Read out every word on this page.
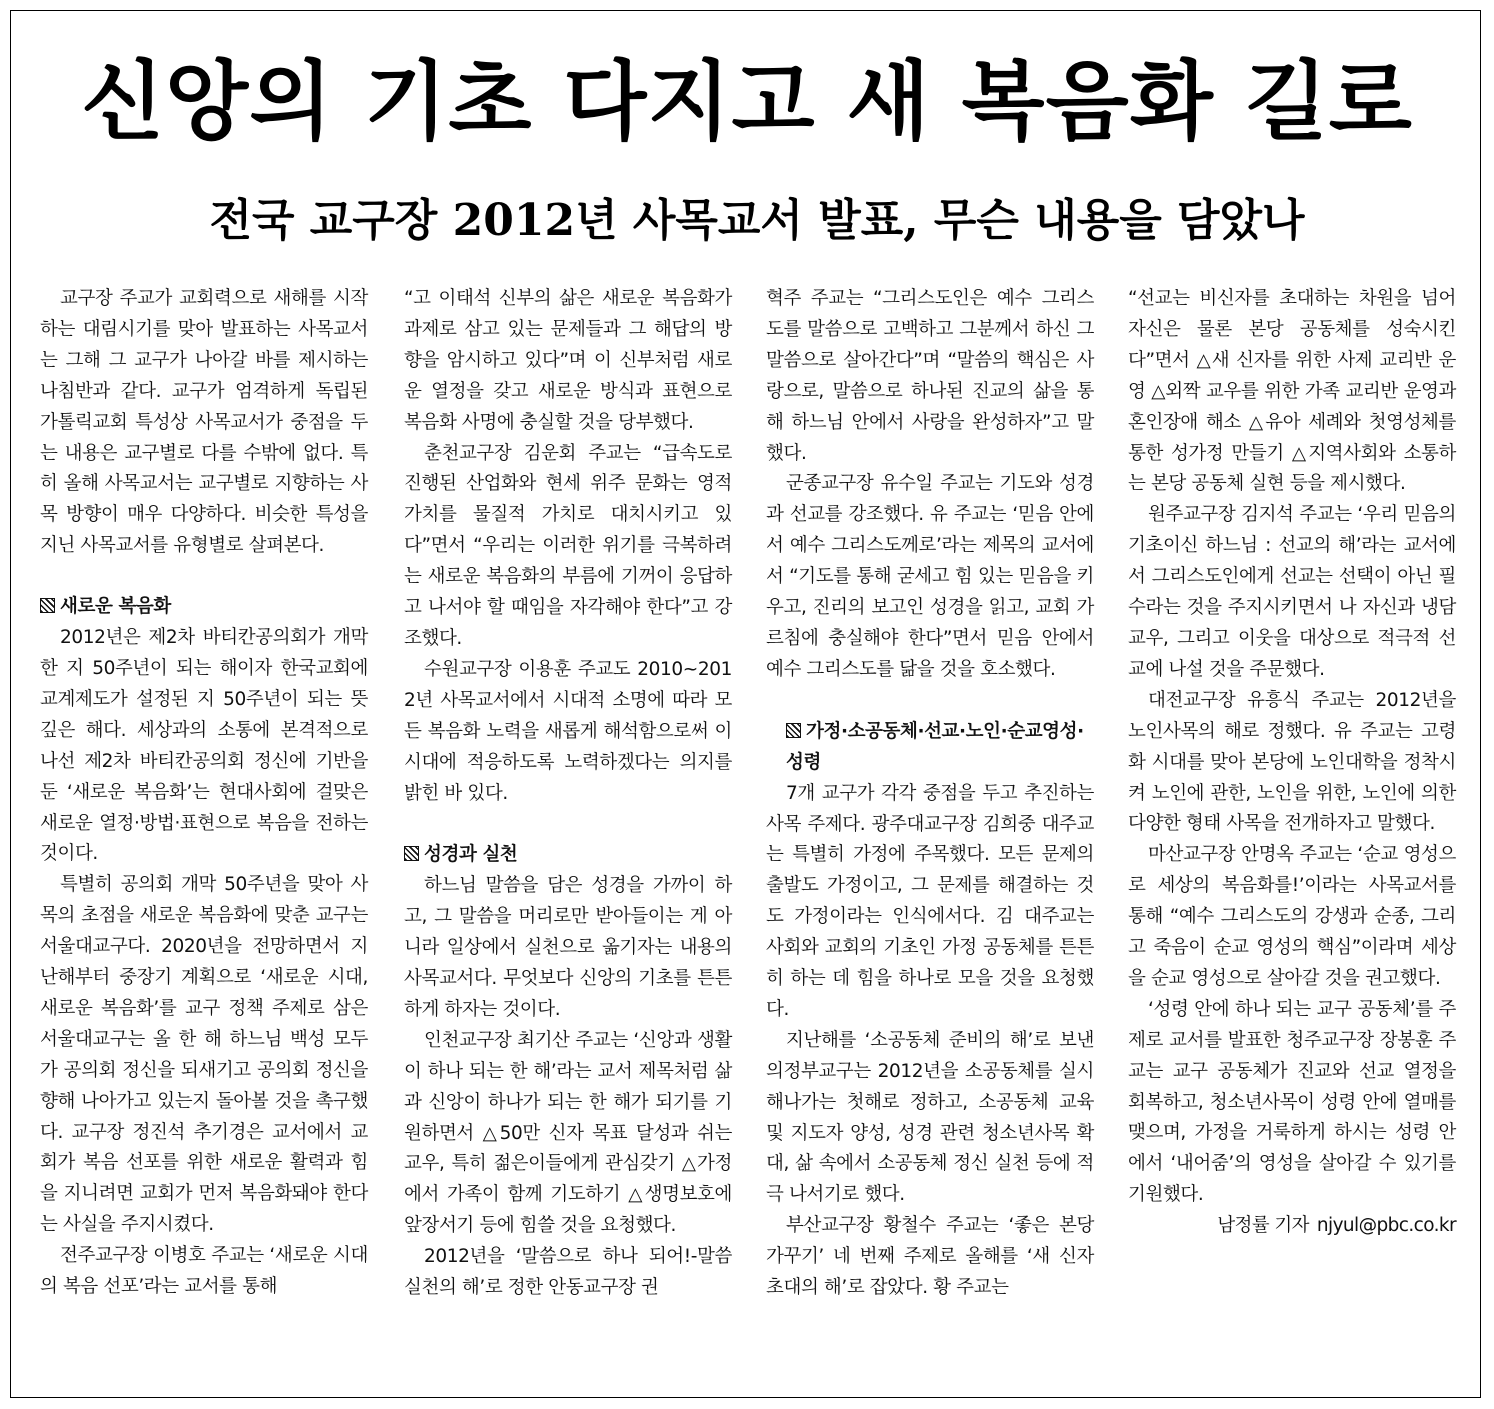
신앙의 기초 다지고 새 복음화 길로
전국 교구장 2012년 사목교서 발표, 무슨 내용을 담았나

교구장 주교가 교회력으로 새해를 시작하는 대림시기를 맞아 발표하는 사목교서는 그해 그 교구가 나아갈 바를 제시하는 나침반과 같다. 교구가 엄격하게 독립된 가톨릭교회 특성상 사목교서가 중점을 두는 내용은 교구별로 다를 수밖에 없다. 특히 올해 사목교서는 교구별로 지향하는 사목 방향이 매우 다양하다. 비슷한 특성을 지닌 사목교서를 유형별로 살펴본다.

새로운 복음화

2012년은 제2차 바티칸공의회가 개막한 지 50주년이 되는 해이자 한국교회에 교계제도가 설정된 지 50주년이 되는 뜻 깊은 해다. 세상과의 소통에 본격적으로 나선 제2차 바티칸공의회 정신에 기반을 둔 ‘새로운 복음화’는 현대사회에 걸맞은 새로운 열정·방법·표현으로 복음을 전하는 것이다.

특별히 공의회 개막 50주년을 맞아 사목의 초점을 새로운 복음화에 맞춘 교구는 서울대교구다. 2020년을 전망하면서 지난해부터 중장기 계획으로 ‘새로운 시대, 새로운 복음화’를 교구 정책 주제로 삼은 서울대교구는 올 한 해 하느님 백성 모두가 공의회 정신을 되새기고 공의회 정신을 향해 나아가고 있는지 돌아볼 것을 촉구했다. 교구장 정진석 추기경은 교서에서 교회가 복음 선포를 위한 새로운 활력과 힘을 지니려면 교회가 먼저 복음화돼야 한다는 사실을 주지시켰다.

전주교구장 이병호 주교는 ‘새로운 시대의 복음 선포’라는 교서를 통해

“고 이태석 신부의 삶은 새로운 복음화가 과제로 삼고 있는 문제들과 그 해답의 방향을 암시하고 있다”며 이 신부처럼 새로운 열정을 갖고 새로운 방식과 표현으로 복음화 사명에 충실할 것을 당부했다.

춘천교구장 김운회 주교는 “급속도로 진행된 산업화와 현세 위주 문화는 영적 가치를 물질적 가치로 대치시키고 있다”면서 “우리는 이러한 위기를 극복하려는 새로운 복음화의 부름에 기꺼이 응답하고 나서야 할 때임을 자각해야 한다”고 강조했다.

수원교구장 이용훈 주교도 2010~2012년 사목교서에서 시대적 소명에 따라 모든 복음화 노력을 새롭게 해석함으로써 이 시대에 적응하도록 노력하겠다는 의지를 밝힌 바 있다.

성경과 실천

하느님 말씀을 담은 성경을 가까이 하고, 그 말씀을 머리로만 받아들이는 게 아니라 일상에서 실천으로 옮기자는 내용의 사목교서다. 무엇보다 신앙의 기초를 튼튼하게 하자는 것이다.

인천교구장 최기산 주교는 ‘신앙과 생활이 하나 되는 한 해’라는 교서 제목처럼 삶과 신앙이 하나가 되는 한 해가 되기를 기원하면서 △50만 신자 목표 달성과 쉬는 교우, 특히 젊은이들에게 관심갖기 △가정에서 가족이 함께 기도하기 △생명보호에 앞장서기 등에 힘쓸 것을 요청했다.

2012년을 ‘말씀으로 하나 되어!-말씀 실천의 해’로 정한 안동교구장 권

혁주 주교는 “그리스도인은 예수 그리스도를 말씀으로 고백하고 그분께서 하신 그 말씀으로 살아간다”며 “말씀의 핵심은 사랑으로, 말씀으로 하나된 진교의 삶을 통해 하느님 안에서 사랑을 완성하자”고 말했다.

군종교구장 유수일 주교는 기도와 성경과 선교를 강조했다. 유 주교는 ‘믿음 안에서 예수 그리스도께로’라는 제목의 교서에서 “기도를 통해 굳세고 힘 있는 믿음을 키우고, 진리의 보고인 성경을 읽고, 교회 가르침에 충실해야 한다”면서 믿음 안에서 예수 그리스도를 닮을 것을 호소했다.

가정·소공동체·선교·노인·순교영성·성령

7개 교구가 각각 중점을 두고 추진하는 사목 주제다. 광주대교구장 김희중 대주교는 특별히 가정에 주목했다. 모든 문제의 출발도 가정이고, 그 문제를 해결하는 것도 가정이라는 인식에서다. 김 대주교는 사회와 교회의 기초인 가정 공동체를 튼튼히 하는 데 힘을 하나로 모을 것을 요청했다.

지난해를 ‘소공동체 준비의 해’로 보낸 의정부교구는 2012년을 소공동체를 실시해나가는 첫해로 정하고, 소공동체 교육 및 지도자 양성, 성경 관련 청소년사목 확대, 삶 속에서 소공동체 정신 실천 등에 적극 나서기로 했다.

부산교구장 황철수 주교는 ‘좋은 본당 가꾸기’ 네 번째 주제로 올해를 ‘새 신자 초대의 해’로 잡았다. 황 주교는

“선교는 비신자를 초대하는 차원을 넘어 자신은 물론 본당 공동체를 성숙시킨다”면서 △새 신자를 위한 사제 교리반 운영 △외짝 교우를 위한 가족 교리반 운영과 혼인장애 해소 △유아 세례와 첫영성체를 통한 성가정 만들기 △지역사회와 소통하는 본당 공동체 실현 등을 제시했다.

원주교구장 김지석 주교는 ‘우리 믿음의 기초이신 하느님 : 선교의 해’라는 교서에서 그리스도인에게 선교는 선택이 아닌 필수라는 것을 주지시키면서 나 자신과 냉담교우, 그리고 이웃을 대상으로 적극적 선교에 나설 것을 주문했다.

대전교구장 유흥식 주교는 2012년을 노인사목의 해로 정했다. 유 주교는 고령화 시대를 맞아 본당에 노인대학을 정착시켜 노인에 관한, 노인을 위한, 노인에 의한 다양한 형태 사목을 전개하자고 말했다.

마산교구장 안명옥 주교는 ‘순교 영성으로 세상의 복음화를!’이라는 사목교서를 통해 “예수 그리스도의 강생과 순종, 그리고 죽음이 순교 영성의 핵심”이라며 세상을 순교 영성으로 살아갈 것을 권고했다.

‘성령 안에 하나 되는 교구 공동체’를 주제로 교서를 발표한 청주교구장 장봉훈 주교는 교구 공동체가 진교와 선교 열정을 회복하고, 청소년사목이 성령 안에 열매를 맺으며, 가정을 거룩하게 하시는 성령 안에서 ‘내어줌’의 영성을 살아갈 수 있기를 기원했다.

남정률 기자 njyul@pbc.co.kr
